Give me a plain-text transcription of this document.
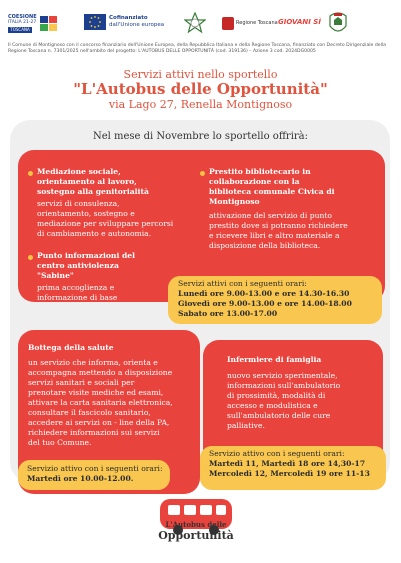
COESIONE
ITALIA 21-27
TOSCANA
Cofinanziato
dall'Unione europea	Regione Toscana GIOVANI SÌ
Il Comune di Montignoso con il concorso finanziario dell'Unione Europea, della Repubblica Italiana e della Regione Toscana, finanziato con Decreto Dirigenziale della Regione Toscana n. 7301/2025 nell'ambito del progetto: L'AUTOBUS DELLE OPPORTUNITÀ (cod. 319136) – Azione 3 cod. 2024DG0005
Servizi attivi nello sportello
"L'Autobus delle Opportunità"
via Lago 27, Renella Montignoso
Nel mese di Novembre lo sportello offrirà:
Mediazione sociale,
orientamento al lavoro,
sostegno alla genitorialità
servizi di consulenza,
orientamento, sostegno e
mediazione per sviluppare percorsi
di cambiamento e autonomia.
Punto informazioni del
centro antiviolenza
"Sabine"
prima accoglienza e
informazione di base
Prestito bibliotecario in
collaborazione con la
biblioteca comunale Civica di
Montignoso
attivazione del servizio di punto
prestito dove si potranno richiedere
e ricevere libri e altro materiale a
disposizione della biblioteca.
Servizi attivi con i seguenti orari:
Lunedì ore 9.00-13.00 e ore 14.30-16.30
Giovedì ore 9.00-13.00 e ore 14.00-18.00
Sabato ore 13.00-17.00
Bottega della salute
un servizio che informa, orienta e
accompagna mettendo a disposizione
servizi sanitari e sociali per
prenotare visite mediche ed esami,
attivare la carta sanitaria elettronica,
consultare il fascicolo sanitario,
accedere ai servizi on - line della PA,
richiedere informazioni sui servizi
del tuo Comune.
Servizio attivo con i seguenti orari:
Martedì ore 10.00-12.00.
Infermiere di famiglia
nuovo servizio sperimentale,
informazioni sull'ambulatorio
di prossimità, modalità di
accesso e modulistica e
sull'ambulatorio delle cure
palliative.
Servizio attivo con i seguenti orari:
Martedì 11, Martedì 18 ore 14,30-17
Mercoledì 12, Mercoledì 19 ore 11-13
L'Autobus delle
Opportunità
